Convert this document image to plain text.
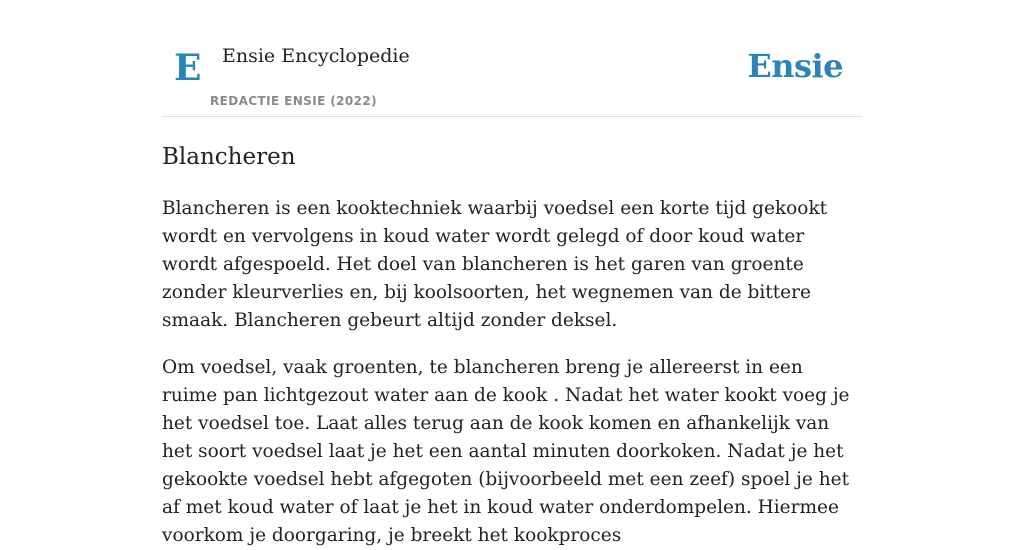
E Ensie Encyclopedie
REDACTIE ENSIE (2022)
Ensie
Blancheren

Blancheren is een kooktechniek waarbij voedsel een korte tijd gekookt wordt en vervolgens in koud water wordt gelegd of door koud water wordt afgespoeld. Het doel van blancheren is het garen van groente zonder kleurverlies en, bij koolsoorten, het wegnemen van de bittere smaak. Blancheren gebeurt altijd zonder deksel.

Om voedsel, vaak groenten, te blancheren breng je allereerst in een ruime pan lichtgezout water aan de kook . Nadat het water kookt voeg je het voedsel toe. Laat alles terug aan de kook komen en afhankelijk van het soort voedsel laat je het een aantal minuten doorkoken. Nadat je het gekookte voedsel hebt afgegoten (bijvoorbeeld met een zeef) spoel je het af met koud water of laat je het in koud water onderdompelen. Hiermee voorkom je doorgaring, je breekt het kookproces
